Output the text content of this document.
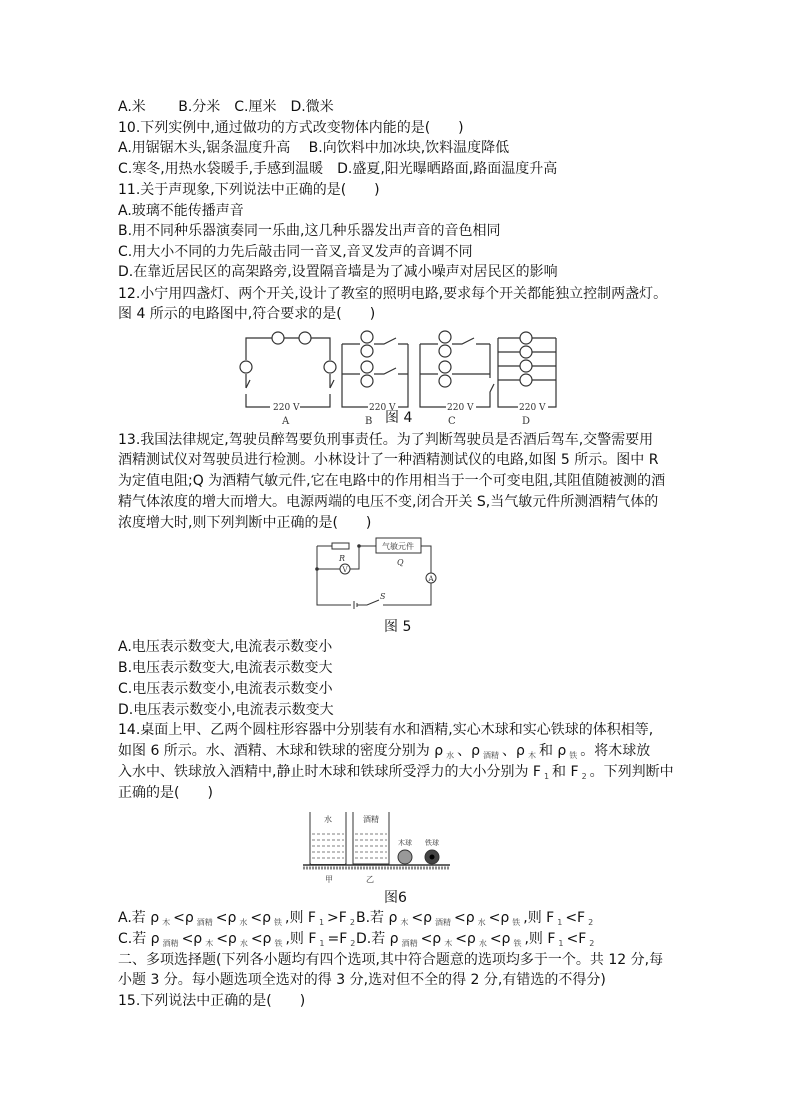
A.米　　 B.分米　C.厘米　D.微米
10.下列实例中,通过做功的方式改变物体内能的是(　　)
A.用锯锯木头,锯条温度升高　 B.向饮料中加冰块,饮料温度降低
C.寒冬,用热水袋暖手,手感到温暖　D.盛夏,阳光曝晒路面,路面温度升高
11.关于声现象,下列说法中正确的是(　　)
A.玻璃不能传播声音
B.用不同种乐器演奏同一乐曲,这几种乐器发出声音的音色相同
C.用大小不同的力先后敲击同一音叉,音叉发声的音调不同
D.在靠近居民区的高架路旁,设置隔音墙是为了减小噪声对居民区的影响
12.小宁用四盏灯、两个开关,设计了教室的照明电路,要求每个开关都能独立控制两盏灯。
图 4 所示的电路图中,符合要求的是(　　)
220 V
A
220 V
B
220 V
C
220 V
D
图 4
13.我国法律规定,驾驶员醉驾要负刑事责任。为了判断驾驶员是否酒后驾车,交警需要用
酒精测试仪对驾驶员进行检测。小林设计了一种酒精测试仪的电路,如图 5 所示。图中 R
为定值电阻;Q 为酒精气敏元件,它在电路中的作用相当于一个可变电阻,其阻值随被测的酒
精气体浓度的增大而增大。电源两端的电压不变,闭合开关 S,当气敏元件所测酒精气体的
浓度增大时,则下列判断中正确的是(　　)
气敏元件
R	Q
V
A
S
图 5
A.电压表示数变大,电流表示数变小
B.电压表示数变大,电流表示数变大
C.电压表示数变小,电流表示数变小
D.电压表示数变小,电流表示数变大
14.桌面上甲、乙两个圆柱形容器中分别装有水和酒精,实心木球和实心铁球的体积相等,
如图 6 所示。水、酒精、木球和铁球的密度分别为 ρ $_水$ 、ρ $_{酒精}$ 、ρ $_木$ 和 ρ $_铁$ 。将木球放
入水中、铁球放入酒精中,静止时木球和铁球所受浮力的大小分别为 F $_1$ 和 F $_2$ 。下列判断中
正确的是(　　)
水	酒精
木球 铁球
甲	乙
图6
A.若 ρ $_木$ <ρ $_{酒精}$ <ρ $_水$ <ρ $_铁$ ,则 F $_1$ >F $_2$ B.若 ρ $_木$ <ρ $_{酒精}$ <ρ $_水$ <ρ $_铁$ ,则 F $_1$ <F $_2$
C.若 ρ $_{酒精}$ <ρ $_木$ <ρ $_水$ <ρ $_铁$ ,则 F $_1$ =F $_2$ D.若 ρ $_{酒精}$ <ρ $_木$ <ρ $_水$ <ρ $_铁$ ,则 F $_1$ <F $_2$
二、多项选择题(下列各小题均有四个选项,其中符合题意的选项均多于一个。共 12 分,每
小题 3 分。每小题选项全选对的得 3 分,选对但不全的得 2 分,有错选的不得分)
15.下列说法中正确的是(　　)
